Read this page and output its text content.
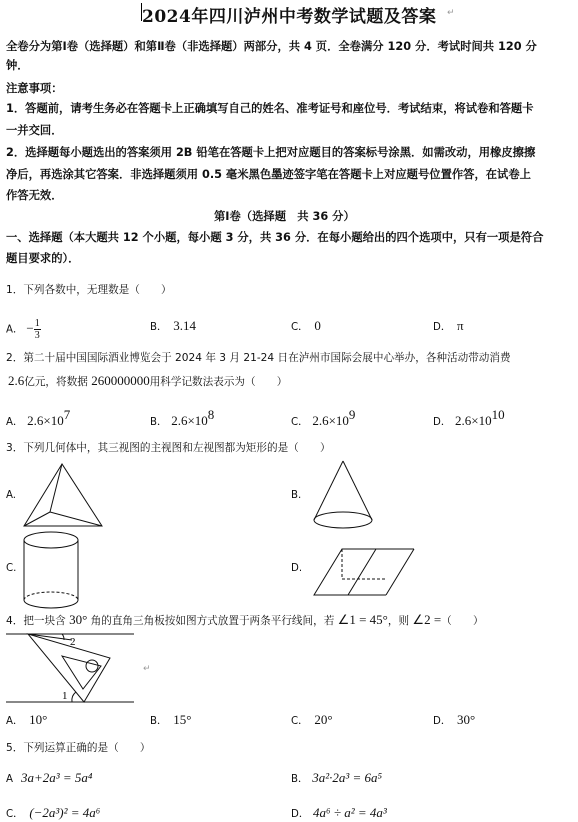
2024年四川泸州中考数学试题及答案 ↵
全卷分为第Ⅰ卷（选择题）和第Ⅱ卷（非选择题）两部分，共 4 页．全卷满分 120 分．考试时间共 120 分
钟．
注意事项：
1．答题前，请考生务必在答题卡上正确填写自己的姓名、准考证号和座位号．考试结束，将试卷和答题卡
一并交回．
2．选择题每小题选出的答案须用 2B 铅笔在答题卡上把对应题目的答案标号涂黑．如需改动，用橡皮擦擦
净后，再选涂其它答案．非选择题须用 0.5 毫米黑色墨迹签字笔在答题卡上对应题号位置作答，在试卷上
作答无效．
第Ⅰ卷（选择题　共 36 分）
一、选择题（本大题共 12 个小题，每小题 3 分，共 36 分．在每小题给出的四个选项中，只有一项是符合
题目要求的）．
1．下列各数中，无理数是（　　）
A． − $\frac{1}{3}$	B． 3.14	C． 0	D． π
2．第二十届中国国际酒业博览会于 2024 年 3 月 21-24 日在泸州市国际会展中心举办，各种活动带动消费
2.6亿元，将数据 260000000用科学记数法表示为（　　）
A． $2.6\times 10^7$
B． $2.6\times 10^8$
C． $2.6\times 10^9$
D． $2.6\times 10^{10}$
3．下列几何体中，其三视图的主视图和左视图都为矩形的是（　　）
A.	B.
C.	D.
4．把一块含 30° 角的直角三角板按如图方式放置于两条平行线间，若 ∠1 = 45°，则 ∠2 =（　　）
2
1
↵
A． 10°	B． 15°	C． 20°	D． 30°
5．下列运算正确的是（　　）
A 3a+2a³ = 5a⁴	B． 3a²·2a³ = 6a⁵
C． (−2a³)² = 4a⁶	D． 4a⁶ ÷ a² = 4a³
